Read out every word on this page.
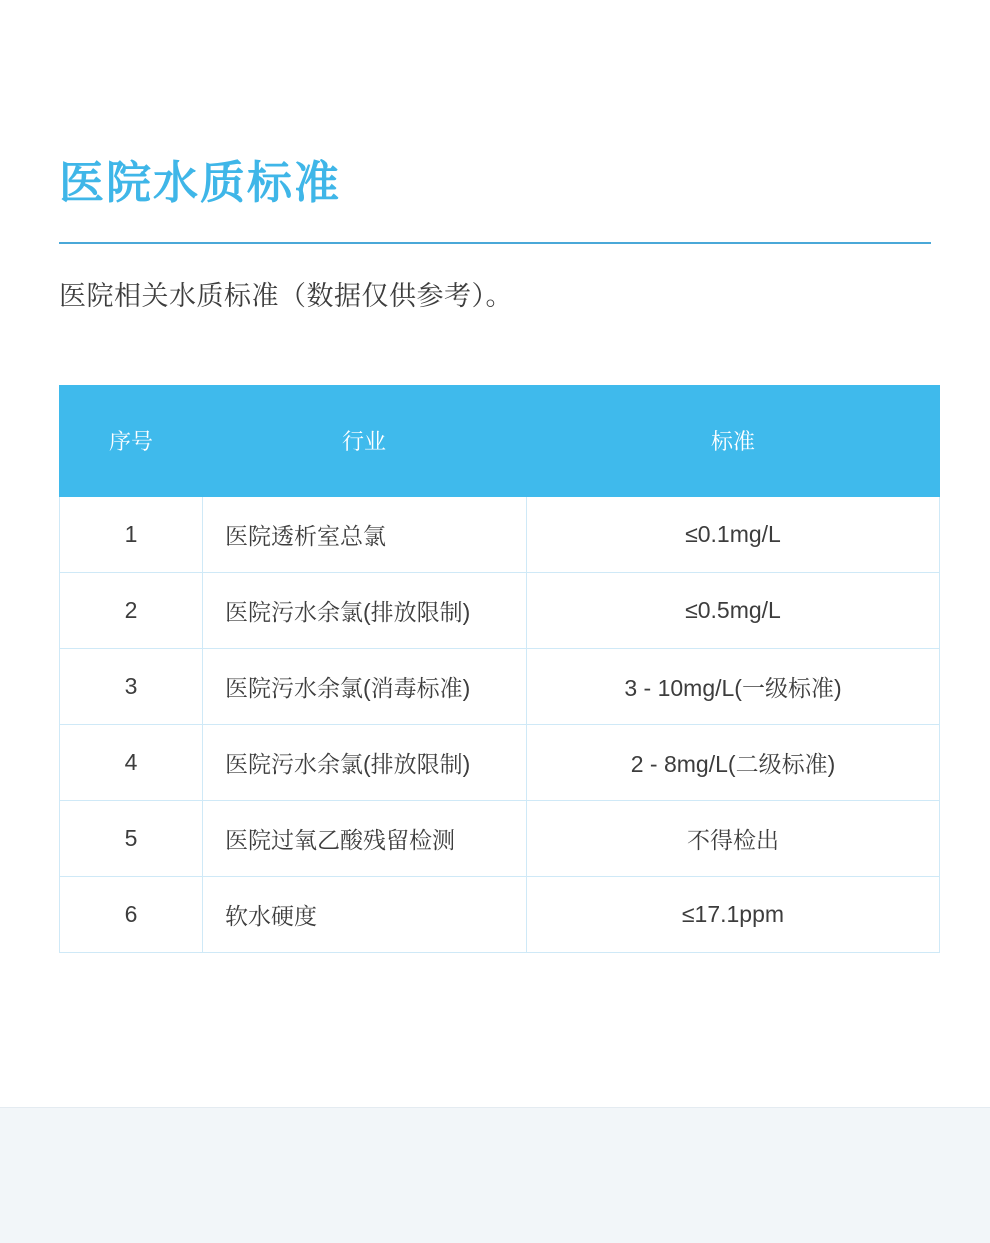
医院水质标准

医院相关水质标准（数据仅供参考）。

序号	行业	标准
1	医院透析室总氯	≤0.1mg/L
2	医院污水余氯(排放限制)	≤0.5mg/L
3	医院污水余氯(消毒标准)	3 - 10mg/L(一级标准)
4	医院污水余氯(排放限制)	2 - 8mg/L(二级标准)
5	医院过氧乙酸残留检测	不得检出
6	软水硬度	≤17.1ppm
